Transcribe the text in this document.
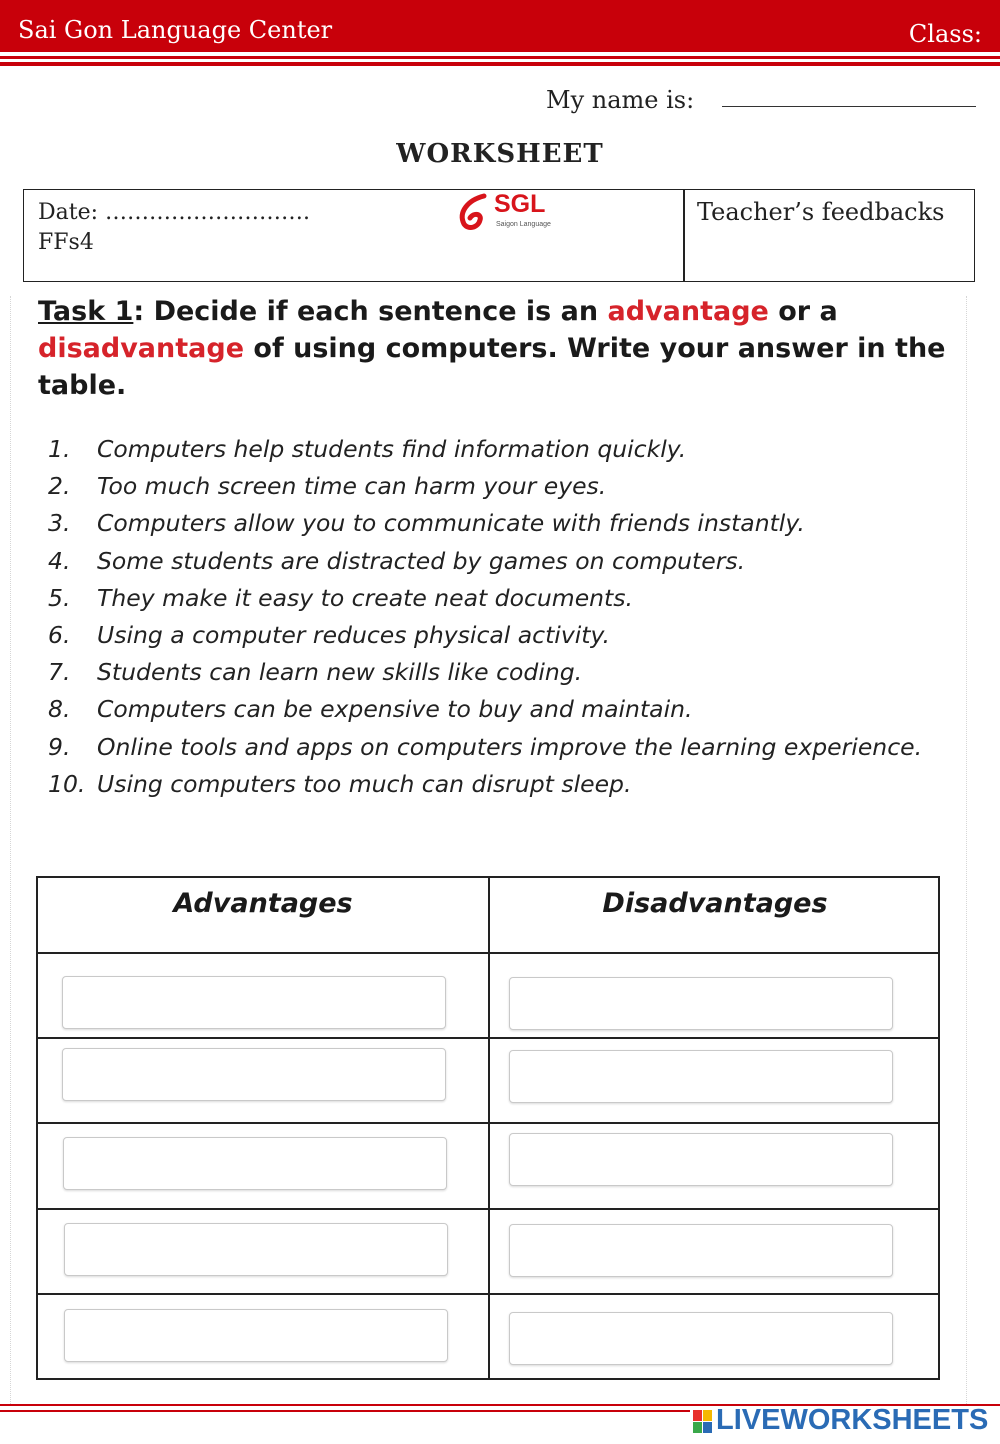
Sai Gon Language Center	Class:
My name is:
WORKSHEET
Date: ……………………….
FFs4
SGL
Saigon Language	Teacher’s feedbacks
Task 1: Decide if each sentence is an advantage or a disadvantage of using computers. Write your answer in the table.
1.	Computers help students find information quickly.
2.	Too much screen time can harm your eyes.
3.	Computers allow you to communicate with friends instantly.
4.	Some students are distracted by games on computers.
5.	They make it easy to create neat documents.
6.	Using a computer reduces physical activity.
7.	Students can learn new skills like coding.
8.	Computers can be expensive to buy and maintain.
9.	Online tools and apps on computers improve the learning experience.
10. Using computers too much can disrupt sleep.
Advantages	Disadvantages
LIVEWORKSHEETS
